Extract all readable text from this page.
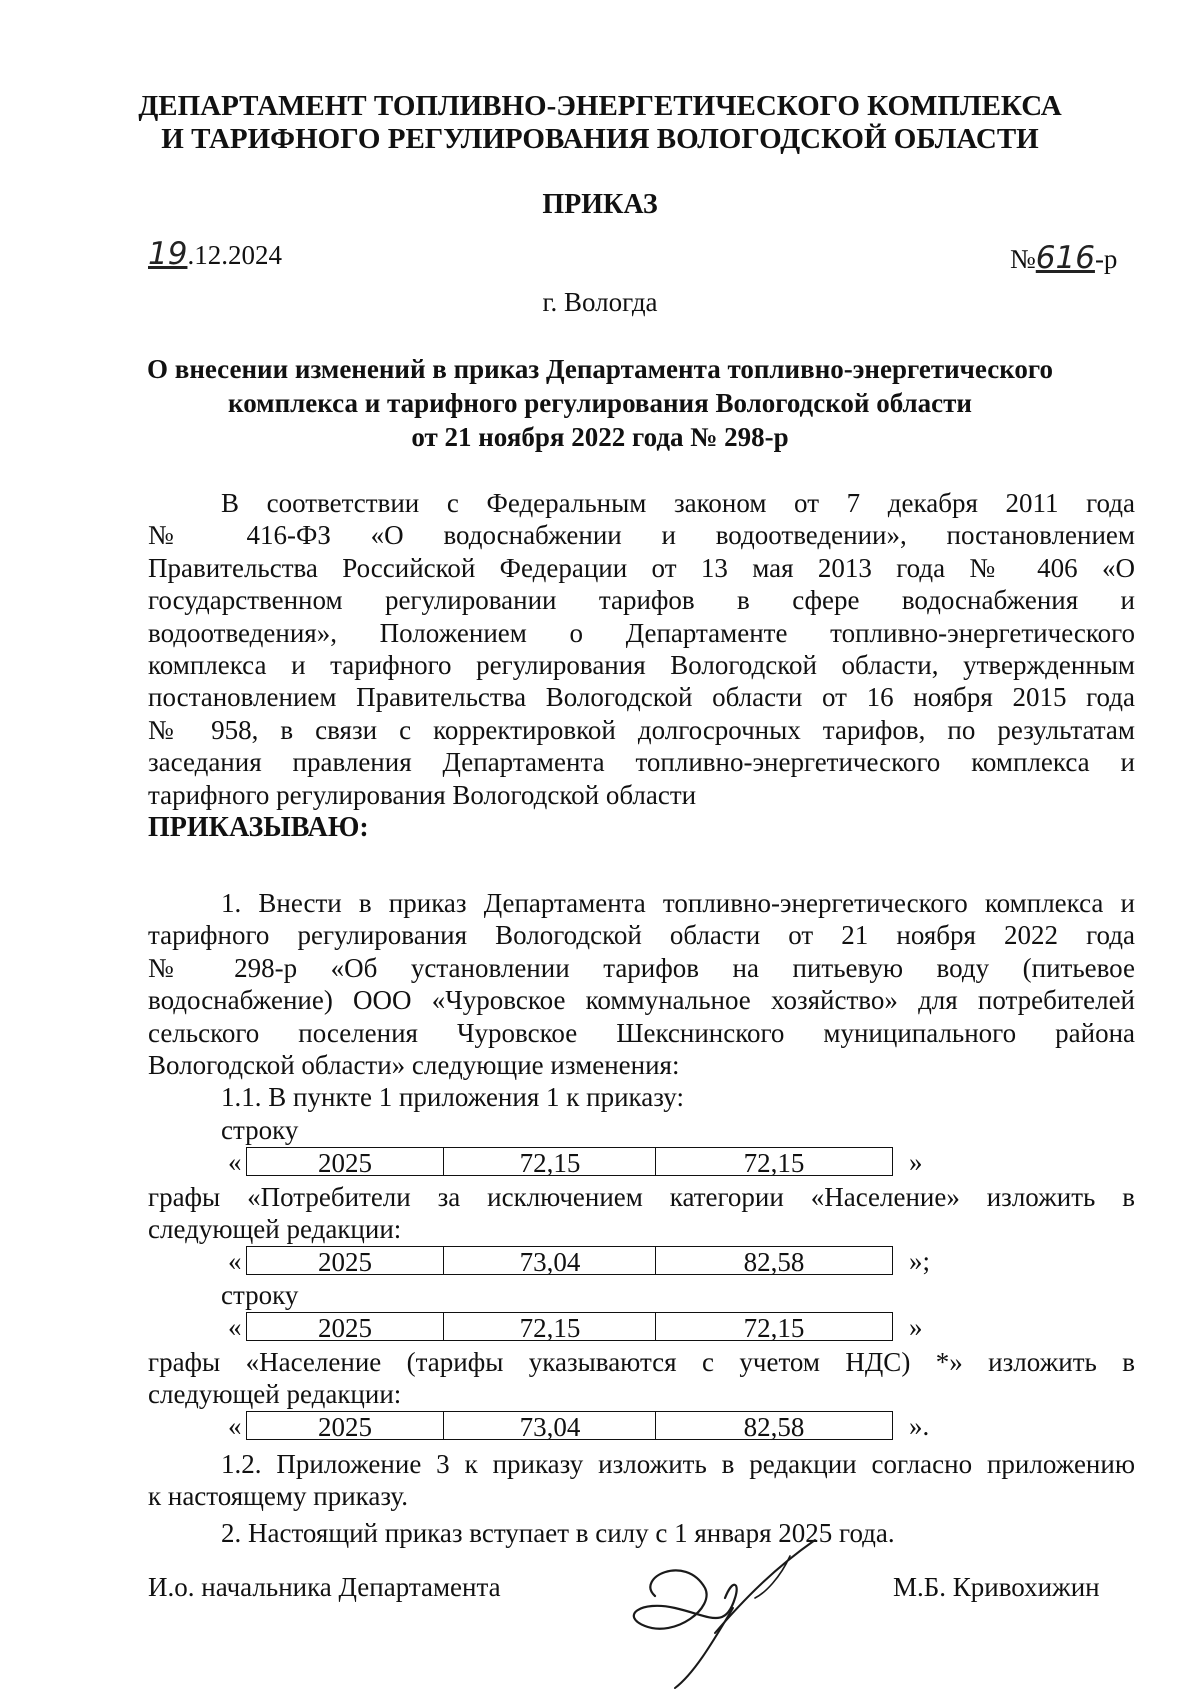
ДЕПАРТАМЕНТ ТОПЛИВНО-ЭНЕРГЕТИЧЕСКОГО КОМПЛЕКСА
И ТАРИФНОГО РЕГУЛИРОВАНИЯ ВОЛОГОДСКОЙ ОБЛАСТИ
ПРИКАЗ
19.12.2024	№616-р
г. Вологда
О внесении изменений в приказ Департамента топливно-энергетического
комплекса и тарифного регулирования Вологодской области
от 21 ноября 2022 года № 298-р
В соответствии с Федеральным законом от 7 декабря 2011 года
№ 416-ФЗ «О водоснабжении и водоотведении», постановлением
Правительства Российской Федерации от 13 мая 2013 года № 406 «О
государственном регулировании тарифов в сфере водоснабжения и
водоотведения», Положением о Департаменте топливно-энергетического
комплекса и тарифного регулирования Вологодской области, утвержденным
постановлением Правительства Вологодской области от 16 ноября 2015 года
№ 958, в связи с корректировкой долгосрочных тарифов, по результатам
заседания правления Департамента топливно-энергетического комплекса и
тарифного регулирования Вологодской области
ПРИКАЗЫВАЮ:
1. Внести в приказ Департамента топливно-энергетического комплекса и
тарифного регулирования Вологодской области от 21 ноября 2022 года
№ 298-р «Об установлении тарифов на питьевую воду (питьевое
водоснабжение) ООО «Чуровское коммунальное хозяйство» для потребителей
сельского поселения Чуровское Шекснинского муниципального района
Вологодской области» следующие изменения:
1.1. В пункте 1 приложения 1 к приказу:
строку
«	2025	72,15	72,15	»
графы «Потребители за исключением категории «Население» изложить в
следующей редакции:
«	2025	73,04	82,58	»;
строку
«	2025	72,15	72,15	»
графы «Население (тарифы указываются с учетом НДС) *» изложить в
следующей редакции:
«	2025	73,04	82,58	».
1.2. Приложение 3 к приказу изложить в редакции согласно приложению
к настоящему приказу.
2. Настоящий приказ вступает в силу с 1 января 2025 года.
И.о. начальника Департамента	М.Б. Кривохижин
